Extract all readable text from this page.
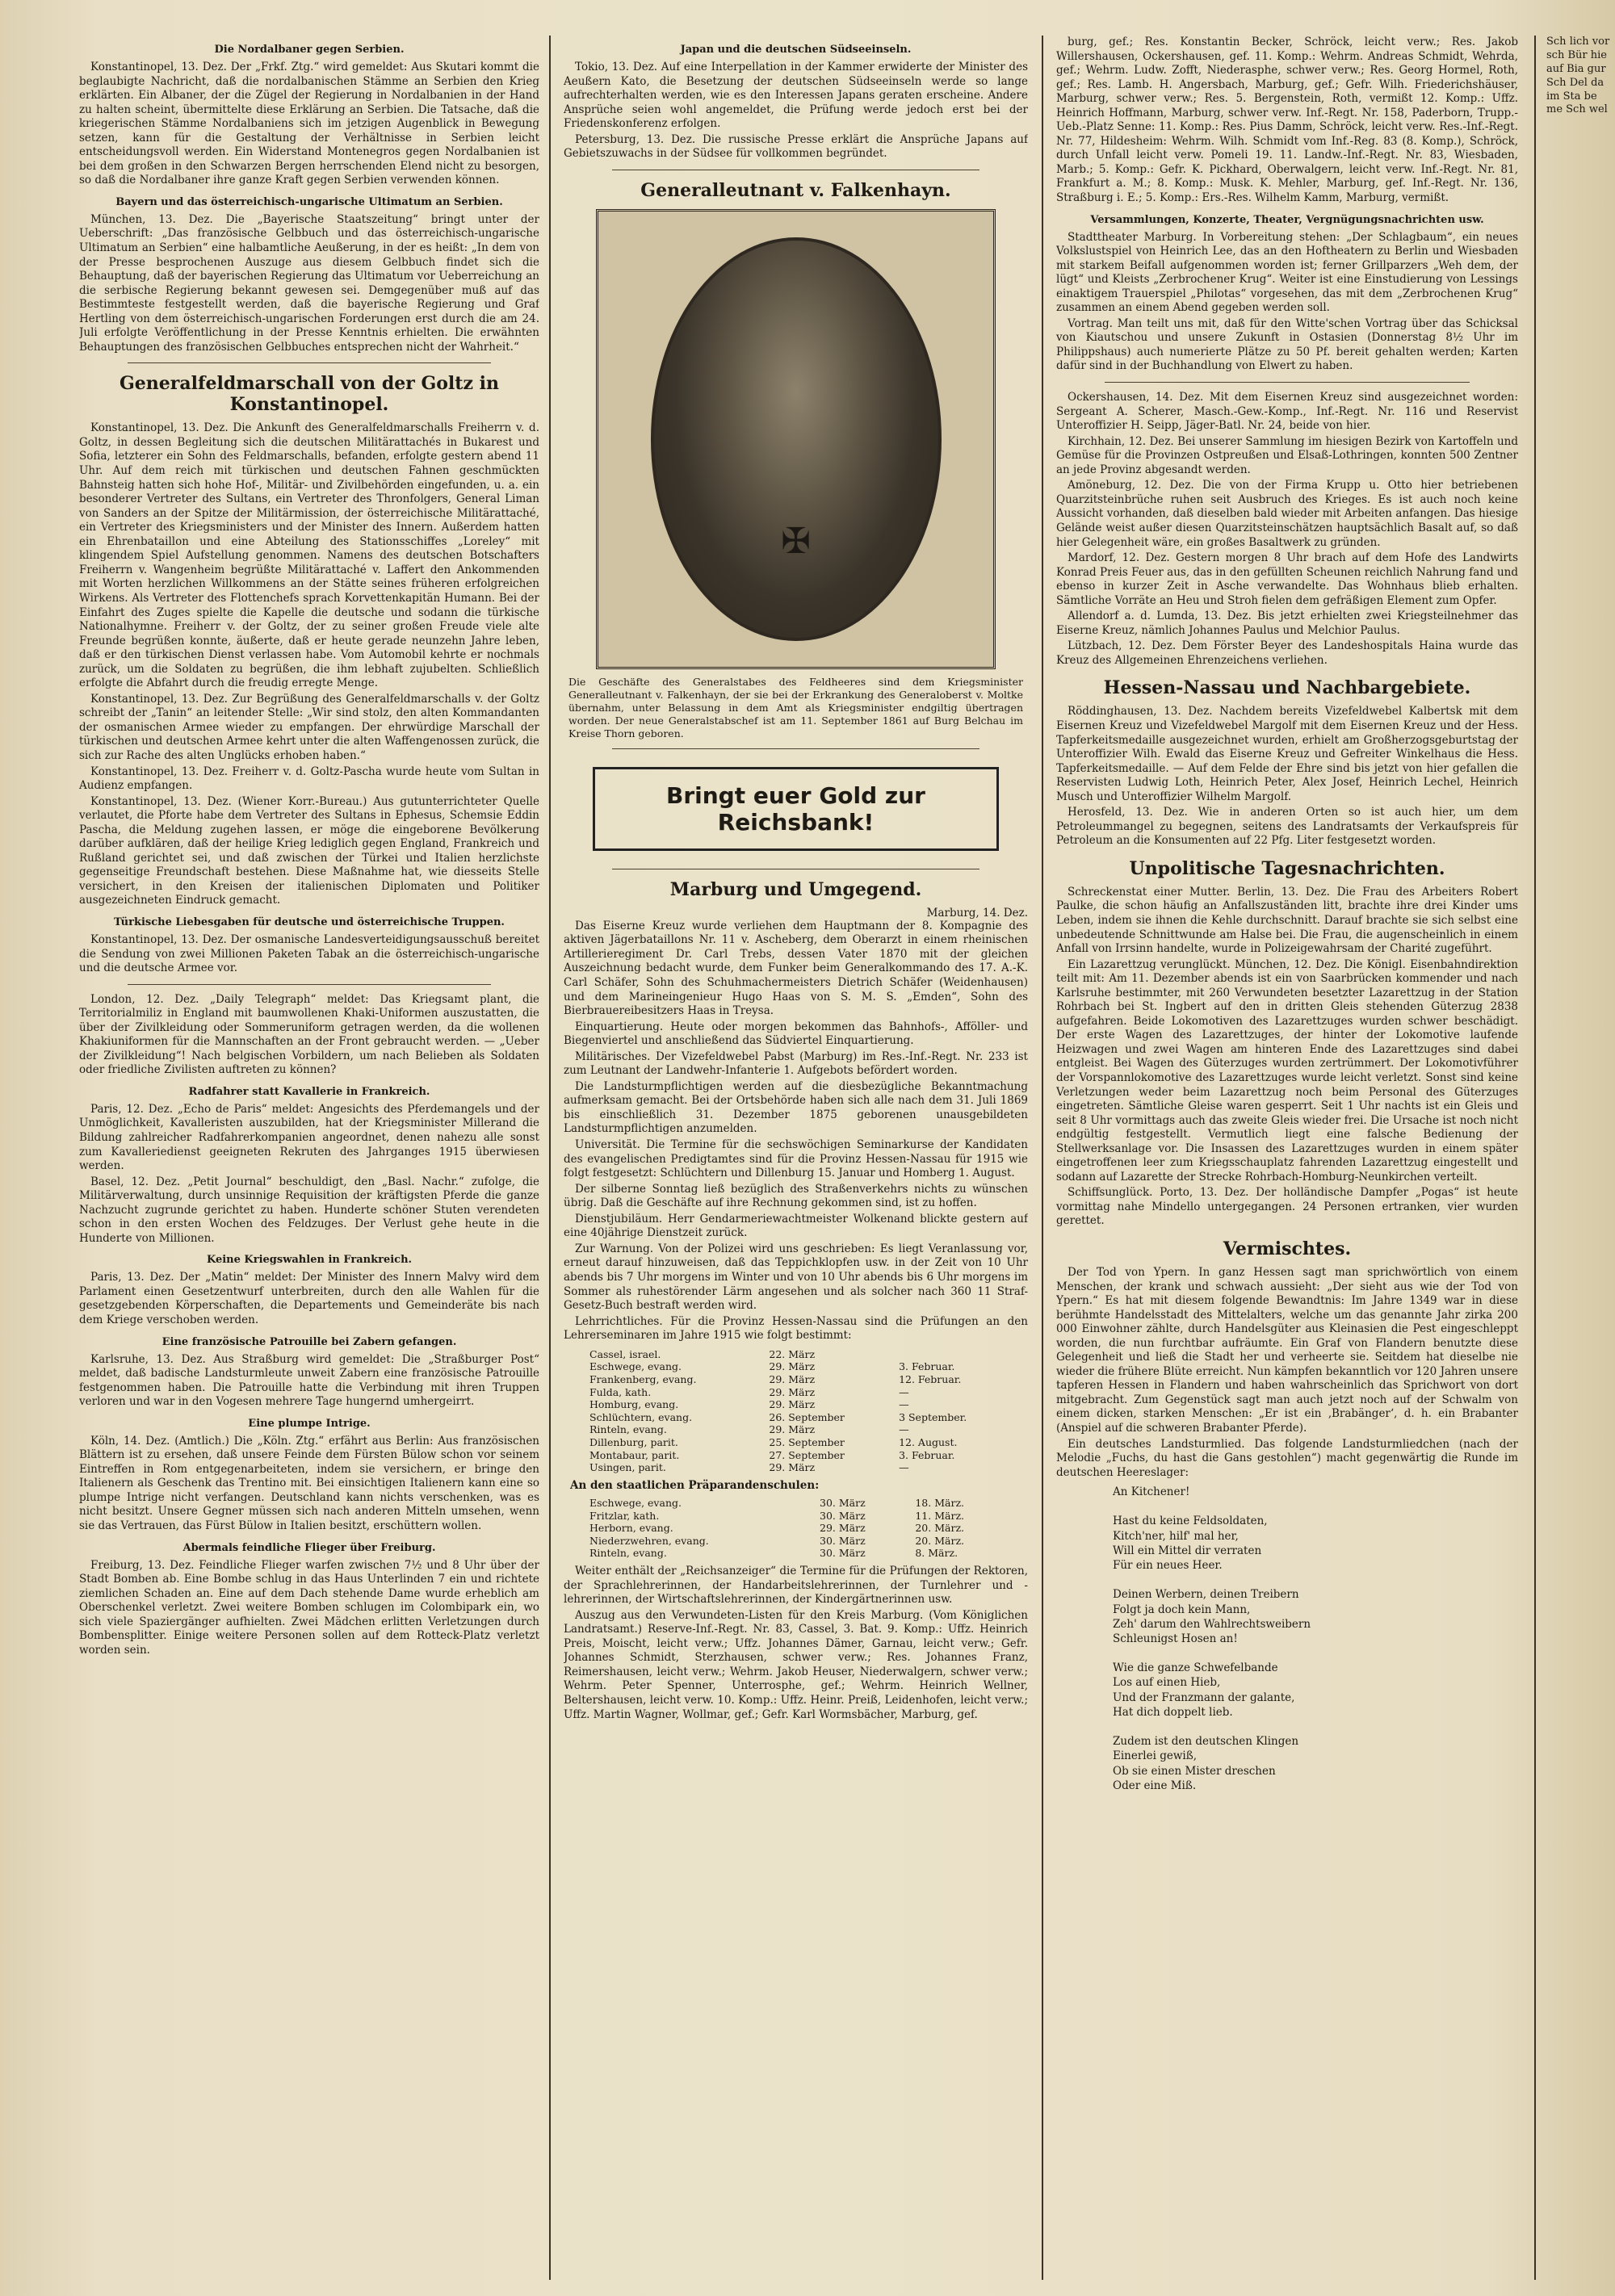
Die Nordalbaner gegen Serbien.

Konstantinopel, 13. Dez. Der „Frkf. Ztg.“ wird gemeldet: Aus Skutari kommt die beglaubigte Nachricht, daß die nordalbanischen Stämme an Serbien den Krieg erklärten. Ein Albaner, der die Zügel der Regierung in Nordalbanien in der Hand zu halten scheint, übermittelte diese Erklärung an Serbien. Die Tatsache, daß die kriegerischen Stämme Nordalbaniens sich im jetzigen Augenblick in Bewegung setzen, kann für die Gestaltung der Verhältnisse in Serbien leicht entscheidungsvoll werden. Ein Widerstand Montenegros gegen Nordalbanien ist bei dem großen in den Schwarzen Bergen herrschenden Elend nicht zu besorgen, so daß die Nordalbaner ihre ganze Kraft gegen Serbien verwenden können.

Bayern und das österreichisch-ungarische Ultimatum an Serbien.

München, 13. Dez. Die „Bayerische Staatszeitung“ bringt unter der Ueberschrift: „Das französische Gelbbuch und das österreichisch-ungarische Ultimatum an Serbien“ eine halbamtliche Aeußerung, in der es heißt: „In dem von der Presse besprochenen Auszuge aus diesem Gelbbuch findet sich die Behauptung, daß der bayerischen Regierung das Ultimatum vor Ueberreichung an die serbische Regierung bekannt gewesen sei. Demgegenüber muß auf das Bestimmteste festgestellt werden, daß die bayerische Regierung und Graf Hertling von dem österreichisch-ungarischen Forderungen erst durch die am 24. Juli erfolgte Veröffentlichung in der Presse Kenntnis erhielten. Die erwähnten Behauptungen des französischen Gelbbuches entsprechen nicht der Wahrheit.“

Generalfeldmarschall von der Goltz in Konstantinopel.

Konstantinopel, 13. Dez. Die Ankunft des Generalfeldmarschalls Freiherrn v. d. Goltz, in dessen Begleitung sich die deutschen Militärattachés in Bukarest und Sofia, letzterer ein Sohn des Feldmarschalls, befanden, erfolgte gestern abend 11 Uhr. Auf dem reich mit türkischen und deutschen Fahnen geschmückten Bahnsteig hatten sich hohe Hof-, Militär- und Zivilbehörden eingefunden, u. a. ein besonderer Vertreter des Sultans, ein Vertreter des Thronfolgers, General Liman von Sanders an der Spitze der Militärmission, der österreichische Militärattaché, ein Vertreter des Kriegsministers und der Minister des Innern. Außerdem hatten ein Ehrenbataillon und eine Abteilung des Stationsschiffes „Loreley“ mit klingendem Spiel Aufstellung genommen. Namens des deutschen Botschafters Freiherrn v. Wangenheim begrüßte Militärattaché v. Laffert den Ankommenden mit Worten herzlichen Willkommens an der Stätte seines früheren erfolgreichen Wirkens. Als Vertreter des Flottenchefs sprach Korvettenkapitän Humann. Bei der Einfahrt des Zuges spielte die Kapelle die deutsche und sodann die türkische Nationalhymne. Freiherr v. der Goltz, der zu seiner großen Freude viele alte Freunde begrüßen konnte, äußerte, daß er heute gerade neunzehn Jahre leben, daß er den türkischen Dienst verlassen habe. Vom Automobil kehrte er nochmals zurück, um die Soldaten zu begrüßen, die ihm lebhaft zujubelten. Schließlich erfolgte die Abfahrt durch die freudig erregte Menge.

Konstantinopel, 13. Dez. Zur Begrüßung des Generalfeldmarschalls v. der Goltz schreibt der „Tanin“ an leitender Stelle: „Wir sind stolz, den alten Kommandanten der osmanischen Armee wieder zu empfangen. Der ehrwürdige Marschall der türkischen und deutschen Armee kehrt unter die alten Waffengenossen zurück, die sich zur Rache des alten Unglücks erhoben haben.“

Konstantinopel, 13. Dez. Freiherr v. d. Goltz-Pascha wurde heute vom Sultan in Audienz empfangen.

Konstantinopel, 13. Dez. (Wiener Korr.-Bureau.) Aus gutunterrichteter Quelle verlautet, die Pforte habe dem Vertreter des Sultans in Ephesus, Schemsie Eddin Pascha, die Meldung zugehen lassen, er möge die eingeborene Bevölkerung darüber aufklären, daß der heilige Krieg lediglich gegen England, Frankreich und Rußland gerichtet sei, und daß zwischen der Türkei und Italien herzlichste gegenseitige Freundschaft bestehen. Diese Maßnahme hat, wie diesseits Stelle versichert, in den Kreisen der italienischen Diplomaten und Politiker ausgezeichneten Eindruck gemacht.

Türkische Liebesgaben für deutsche und österreichische Truppen.

Konstantinopel, 13. Dez. Der osmanische Landesverteidigungsausschuß bereitet die Sendung von zwei Millionen Paketen Tabak an die österreichisch-ungarische und die deutsche Armee vor.

London, 12. Dez. „Daily Telegraph“ meldet: Das Kriegsamt plant, die Territorialmiliz in England mit baumwollenen Khaki-Uniformen auszustatten, die über der Zivilkleidung oder Sommeruniform getragen werden, da die wollenen Khakiuniformen für die Mannschaften an der Front gebraucht werden. — „Ueber der Zivilkleidung“! Nach belgischen Vorbildern, um nach Belieben als Soldaten oder friedliche Zivilisten auftreten zu können?

Radfahrer statt Kavallerie in Frankreich.

Paris, 12. Dez. „Echo de Paris“ meldet: Angesichts des Pferdemangels und der Unmöglichkeit, Kavalleristen auszubilden, hat der Kriegsminister Millerand die Bildung zahlreicher Radfahrerkompanien angeordnet, denen nahezu alle sonst zum Kavalleriedienst geeigneten Rekruten des Jahrganges 1915 überwiesen werden.

Basel, 12. Dez. „Petit Journal“ beschuldigt, den „Basl. Nachr.“ zufolge, die Militärverwaltung, durch unsinnige Requisition der kräftigsten Pferde die ganze Nachzucht zugrunde gerichtet zu haben. Hunderte schöner Stuten verendeten schon in den ersten Wochen des Feldzuges. Der Verlust gehe heute in die Hunderte von Millionen.

Keine Kriegswahlen in Frankreich.

Paris, 13. Dez. Der „Matin“ meldet: Der Minister des Innern Malvy wird dem Parlament einen Gesetzentwurf unterbreiten, durch den alle Wahlen für die gesetzgebenden Körperschaften, die Departements und Gemeinderäte bis nach dem Kriege verschoben werden.

Eine französische Patrouille bei Zabern gefangen.

Karlsruhe, 13. Dez. Aus Straßburg wird gemeldet: Die „Straßburger Post“ meldet, daß badische Landsturmleute unweit Zabern eine französische Patrouille festgenommen haben. Die Patrouille hatte die Verbindung mit ihren Truppen verloren und war in den Vogesen mehrere Tage hungernd umhergeirrt.

Eine plumpe Intrige.

Köln, 14. Dez. (Amtlich.) Die „Köln. Ztg.“ erfährt aus Berlin: Aus französischen Blättern ist zu ersehen, daß unsere Feinde dem Fürsten Bülow schon vor seinem Eintreffen in Rom entgegenarbeiteten, indem sie versichern, er bringe den Italienern als Geschenk das Trentino mit. Bei einsichtigen Italienern kann eine so plumpe Intrige nicht verfangen. Deutschland kann nichts verschenken, was es nicht besitzt. Unsere Gegner müssen sich nach anderen Mitteln umsehen, wenn sie das Vertrauen, das Fürst Bülow in Italien besitzt, erschüttern wollen.

Abermals feindliche Flieger über Freiburg.

Freiburg, 13. Dez. Feindliche Flieger warfen zwischen 7½ und 8 Uhr über der Stadt Bomben ab. Eine Bombe schlug in das Haus Unterlinden 7 ein und richtete ziemlichen Schaden an. Eine auf dem Dach stehende Dame wurde erheblich am Oberschenkel verletzt. Zwei weitere Bomben schlugen im Colombipark ein, wo sich viele Spaziergänger aufhielten. Zwei Mädchen erlitten Verletzungen durch Bombensplitter. Einige weitere Personen sollen auf dem Rotteck-Platz verletzt worden sein.

Japan und die deutschen Südseeinseln.

Tokio, 13. Dez. Auf eine Interpellation in der Kammer erwiderte der Minister des Aeußern Kato, die Besetzung der deutschen Südseeinseln werde so lange aufrechterhalten werden, wie es den Interessen Japans geraten erscheine. Andere Ansprüche seien wohl angemeldet, die Prüfung werde jedoch erst bei der Friedenskonferenz erfolgen.

Petersburg, 13. Dez. Die russische Presse erklärt die Ansprüche Japans auf Gebietszuwachs in der Südsee für vollkommen begründet.

Generalleutnant v. Falkenhayn.
✠
Die Geschäfte des Generalstabes des Feldheeres sind dem Kriegsminister Generalleutnant v. Falkenhayn, der sie bei der Erkrankung des Generaloberst v. Moltke übernahm, unter Belassung in dem Amt als Kriegsminister endgiltig übertragen worden. Der neue Generalstabschef ist am 11. September 1861 auf Burg Belchau im Kreise Thorn geboren.
Bringt euer Gold zur Reichsbank!
Marburg und Umgegend.
Marburg, 14. Dez.

Das Eiserne Kreuz wurde verliehen dem Hauptmann der 8. Kompagnie des aktiven Jägerbataillons Nr. 11 v. Ascheberg, dem Oberarzt in einem rheinischen Artillerieregiment Dr. Carl Trebs, dessen Vater 1870 mit der gleichen Auszeichnung bedacht wurde, dem Funker beim Generalkommando des 17. A.-K. Carl Schäfer, Sohn des Schuhmachermeisters Dietrich Schäfer (Weidenhausen) und dem Marineingenieur Hugo Haas von S. M. S. „Emden“, Sohn des Bierbrauereibesitzers Haas in Treysa.

Einquartierung. Heute oder morgen bekommen das Bahnhofs-, Afföller- und Biegenviertel und anschließend das Südviertel Einquartierung.

Militärisches. Der Vizefeldwebel Pabst (Marburg) im Res.-Inf.-Regt. Nr. 233 ist zum Leutnant der Landwehr-Infanterie 1. Aufgebots befördert worden.

Die Landsturmpflichtigen werden auf die diesbezügliche Bekanntmachung aufmerksam gemacht. Bei der Ortsbehörde haben sich alle nach dem 31. Juli 1869 bis einschließlich 31. Dezember 1875 geborenen unausgebildeten Landsturmpflichtigen anzumelden.

Universität. Die Termine für die sechswöchigen Seminarkurse der Kandidaten des evangelischen Predigtamtes sind für die Provinz Hessen-Nassau für 1915 wie folgt festgesetzt: Schlüchtern und Dillenburg 15. Januar und Homberg 1. August.

Der silberne Sonntag ließ bezüglich des Straßenverkehrs nichts zu wünschen übrig. Daß die Geschäfte auf ihre Rechnung gekommen sind, ist zu hoffen.

Dienstjubiläum. Herr Gendarmeriewachtmeister Wolkenand blickte gestern auf eine 40jährige Dienstzeit zurück.

Zur Warnung. Von der Polizei wird uns geschrieben: Es liegt Veranlassung vor, erneut darauf hinzuweisen, daß das Teppichklopfen usw. in der Zeit von 10 Uhr abends bis 7 Uhr morgens im Winter und von 10 Uhr abends bis 6 Uhr morgens im Sommer als ruhestörender Lärm angesehen und als solcher nach 360 11 Straf-Gesetz-Buch bestraft werden wird.

Lehrrichtliches. Für die Provinz Hessen-Nassau sind die Prüfungen an den Lehrerseminaren im Jahre 1915 wie folgt bestimmt:

Cassel, israel.	22. März	
Eschwege, evang.	29. März	3. Februar.
Frankenberg, evang.	29. März	12. Februar.
Fulda, kath.	29. März	—
Homburg, evang.	29. März	—
Schlüchtern, evang.	26. September	3 September.
Rinteln, evang.	29. März	—
Dillenburg, parit.	25. September	12. August.
Montabaur, parit.	27. September	3. Februar.
Usingen, parit.	29. März	—
An den staatlichen Präparandenschulen:
Eschwege, evang.	30. März	18. März.
Fritzlar, kath.	30. März	11. März.
Herborn, evang.	29. März	20. März.
Niederzwehren, evang.	30. März	20. März.
Rinteln, evang.	30. März	8. März.

Weiter enthält der „Reichsanzeiger“ die Termine für die Prüfungen der Rektoren, der Sprachlehrerinnen, der Handarbeitslehrerinnen, der Turnlehrer und -lehrerinnen, der Wirtschaftslehrerinnen, der Kindergärtnerinnen usw.

Auszug aus den Verwundeten-Listen für den Kreis Marburg. (Vom Königlichen Landratsamt.) Reserve-Inf.-Regt. Nr. 83, Cassel, 3. Bat. 9. Komp.: Uffz. Heinrich Preis, Moischt, leicht verw.; Uffz. Johannes Dämer, Garnau, leicht verw.; Gefr. Johannes Schmidt, Sterzhausen, schwer verw.; Res. Johannes Franz, Reimershausen, leicht verw.; Wehrm. Jakob Heuser, Niederwalgern, schwer verw.; Wehrm. Peter Spenner, Unterrosphe, gef.; Wehrm. Heinrich Wellner, Beltershausen, leicht verw. 10. Komp.: Uffz. Heinr. Preiß, Leidenhofen, leicht verw.; Uffz. Martin Wagner, Wollmar, gef.; Gefr. Karl Wormsbächer, Marburg, gef.

burg, gef.; Res. Konstantin Becker, Schröck, leicht verw.; Res. Jakob Willershausen, Ockershausen, gef. 11. Komp.: Wehrm. Andreas Schmidt, Wehrda, gef.; Wehrm. Ludw. Zofft, Niederasphe, schwer verw.; Res. Georg Hormel, Roth, gef.; Res. Lamb. H. Angersbach, Marburg, gef.; Gefr. Wilh. Friederichshäuser, Marburg, schwer verw.; Res. 5. Bergenstein, Roth, vermißt 12. Komp.: Uffz. Heinrich Hoffmann, Marburg, schwer verw. Inf.-Regt. Nr. 158, Paderborn, Trupp.-Ueb.-Platz Senne: 11. Komp.: Res. Pius Damm, Schröck, leicht verw. Res.-Inf.-Regt. Nr. 77, Hildesheim: Wehrm. Wilh. Schmidt vom Inf.-Reg. 83 (8. Komp.), Schröck, durch Unfall leicht verw. Pomeli 19. 11. Landw.-Inf.-Regt. Nr. 83, Wiesbaden, Marb.; 5. Komp.: Gefr. K. Pickhard, Oberwalgern, leicht verw. Inf.-Regt. Nr. 81, Frankfurt a. M.; 8. Komp.: Musk. K. Mehler, Marburg, gef. Inf.-Regt. Nr. 136, Straßburg i. E.; 5. Komp.: Ers.-Res. Wilhelm Kamm, Marburg, vermißt.

Versammlungen, Konzerte, Theater, Vergnügungsnachrichten usw.

Stadttheater Marburg. In Vorbereitung stehen: „Der Schlagbaum“, ein neues Volkslustspiel von Heinrich Lee, das an den Hoftheatern zu Berlin und Wiesbaden mit starkem Beifall aufgenommen worden ist; ferner Grillparzers „Weh dem, der lügt“ und Kleists „Zerbrochener Krug“. Weiter ist eine Einstudierung von Lessings einaktigem Trauerspiel „Philotas“ vorgesehen, das mit dem „Zerbrochenen Krug“ zusammen an einem Abend gegeben werden soll.

Vortrag. Man teilt uns mit, daß für den Witte'schen Vortrag über das Schicksal von Kiautschou und unsere Zukunft in Ostasien (Donnerstag 8½ Uhr im Philippshaus) auch numerierte Plätze zu 50 Pf. bereit gehalten werden; Karten dafür sind in der Buchhandlung von Elwert zu haben.

Ockershausen, 14. Dez. Mit dem Eisernen Kreuz sind ausgezeichnet worden: Sergeant A. Scherer, Masch.-Gew.-Komp., Inf.-Regt. Nr. 116 und Reservist Unteroffizier H. Seipp, Jäger-Batl. Nr. 24, beide von hier.

Kirchhain, 12. Dez. Bei unserer Sammlung im hiesigen Bezirk von Kartoffeln und Gemüse für die Provinzen Ostpreußen und Elsaß-Lothringen, konnten 500 Zentner an jede Provinz abgesandt werden.

Amöneburg, 12. Dez. Die von der Firma Krupp u. Otto hier betriebenen Quarzitsteinbrüche ruhen seit Ausbruch des Krieges. Es ist auch noch keine Aussicht vorhanden, daß dieselben bald wieder mit Arbeiten anfangen. Das hiesige Gelände weist außer diesen Quarzitsteinschätzen hauptsächlich Basalt auf, so daß hier Gelegenheit wäre, ein großes Basaltwerk zu gründen.

Mardorf, 12. Dez. Gestern morgen 8 Uhr brach auf dem Hofe des Landwirts Konrad Preis Feuer aus, das in den gefüllten Scheunen reichlich Nahrung fand und ebenso in kurzer Zeit in Asche verwandelte. Das Wohnhaus blieb erhalten. Sämtliche Vorräte an Heu und Stroh fielen dem gefräßigen Element zum Opfer.

Allendorf a. d. Lumda, 13. Dez. Bis jetzt erhielten zwei Kriegsteilnehmer das Eiserne Kreuz, nämlich Johannes Paulus und Melchior Paulus.

Lützbach, 12. Dez. Dem Förster Beyer des Landeshospitals Haina wurde das Kreuz des Allgemeinen Ehrenzeichens verliehen.

Hessen-Nassau und Nachbargebiete.

Röddinghausen, 13. Dez. Nachdem bereits Vizefeldwebel Kalbertsk mit dem Eisernen Kreuz und Vizefeldwebel Margolf mit dem Eisernen Kreuz und der Hess. Tapferkeitsmedaille ausgezeichnet wurden, erhielt am Großherzogsgeburtstag der Unteroffizier Wilh. Ewald das Eiserne Kreuz und Gefreiter Winkelhaus die Hess. Tapferkeitsmedaille. — Auf dem Felde der Ehre sind bis jetzt von hier gefallen die Reservisten Ludwig Loth, Heinrich Peter, Alex Josef, Heinrich Lechel, Heinrich Musch und Unteroffizier Wilhelm Margolf.

Herosfeld, 13. Dez. Wie in anderen Orten so ist auch hier, um dem Petroleummangel zu begegnen, seitens des Landratsamts der Verkaufspreis für Petroleum an die Konsumenten auf 22 Pfg. Liter festgesetzt worden.

Unpolitische Tagesnachrichten.

Schreckenstat einer Mutter. Berlin, 13. Dez. Die Frau des Arbeiters Robert Paulke, die schon häufig an Anfallszuständen litt, brachte ihre drei Kinder ums Leben, indem sie ihnen die Kehle durchschnitt. Darauf brachte sie sich selbst eine unbedeutende Schnittwunde am Halse bei. Die Frau, die augenscheinlich in einem Anfall von Irrsinn handelte, wurde in Polizeigewahrsam der Charité zugeführt.

Ein Lazarettzug verunglückt. München, 12. Dez. Die Königl. Eisenbahndirektion teilt mit: Am 11. Dezember abends ist ein von Saarbrücken kommender und nach Karlsruhe bestimmter, mit 260 Verwundeten besetzter Lazarettzug in der Station Rohrbach bei St. Ingbert auf den in dritten Gleis stehenden Güterzug 2838 aufgefahren. Beide Lokomotiven des Lazarettzuges wurden schwer beschädigt. Der erste Wagen des Lazarettzuges, der hinter der Lokomotive laufende Heizwagen und zwei Wagen am hinteren Ende des Lazarettzuges sind dabei entgleist. Bei Wagen des Güterzuges wurden zertrümmert. Der Lokomotivführer der Vorspannlokomotive des Lazarettzuges wurde leicht verletzt. Sonst sind keine Verletzungen weder beim Lazarettzug noch beim Personal des Güterzuges eingetreten. Sämtliche Gleise waren gesperrt. Seit 1 Uhr nachts ist ein Gleis und seit 8 Uhr vormittags auch das zweite Gleis wieder frei. Die Ursache ist noch nicht endgültig festgestellt. Vermutlich liegt eine falsche Bedienung der Stellwerksanlage vor. Die Insassen des Lazarettzuges wurden in einem später eingetroffenen leer zum Kriegsschauplatz fahrenden Lazarettzug eingestellt und sodann auf Lazarette der Strecke Rohrbach-Homburg-Neunkirchen verteilt.

Schiffsunglück. Porto, 13. Dez. Der holländische Dampfer „Pogas“ ist heute vormittag nahe Mindello untergegangen. 24 Personen ertranken, vier wurden gerettet.

Vermischtes.

Der Tod von Ypern. In ganz Hessen sagt man sprichwörtlich von einem Menschen, der krank und schwach aussieht: „Der sieht aus wie der Tod von Ypern.“ Es hat mit diesem folgende Bewandtnis: Im Jahre 1349 war in diese berühmte Handelsstadt des Mittelalters, welche um das genannte Jahr zirka 200 000 Einwohner zählte, durch Handelsgüter aus Kleinasien die Pest eingeschleppt worden, die nun furchtbar aufräumte. Ein Graf von Flandern benutzte diese Gelegenheit und ließ die Stadt her und verheerte sie. Seitdem hat dieselbe nie wieder die frühere Blüte erreicht. Nun kämpfen bekanntlich vor 120 Jahren unsere tapferen Hessen in Flandern und haben wahrscheinlich das Sprichwort von dort mitgebracht. Zum Gegenstück sagt man auch jetzt noch auf der Schwalm von einem dicken, starken Menschen: „Er ist ein ‚Brabänger‘, d. h. ein Brabanter (Anspiel auf die schweren Brabanter Pferde).

Ein deutsches Landsturmlied. Das folgende Landsturmliedchen (nach der Melodie „Fuchs, du hast die Gans gestohlen“) macht gegenwärtig die Runde im deutschen Heereslager:

An Kitchener!
Hast du keine Feldsoldaten,
Kitch'ner, hilf' mal her,
Will ein Mittel dir verraten
Für ein neues Heer.
Deinen Werbern, deinen Treibern
Folgt ja doch kein Mann,
Zeh' darum den Wahlrechtsweibern
Schleunigst Hosen an!
Wie die ganze Schwefelbande
Los auf einen Hieb,
Und der Franzmann der galante,
Hat dich doppelt lieb.
Zudem ist den deutschen Klingen
Einerlei gewiß,
Ob sie einen Mister dreschen
Oder eine Miß.
Sch lich vor sch Bür hie auf Bia gur Sch Del da im Sta be me Sch wel
